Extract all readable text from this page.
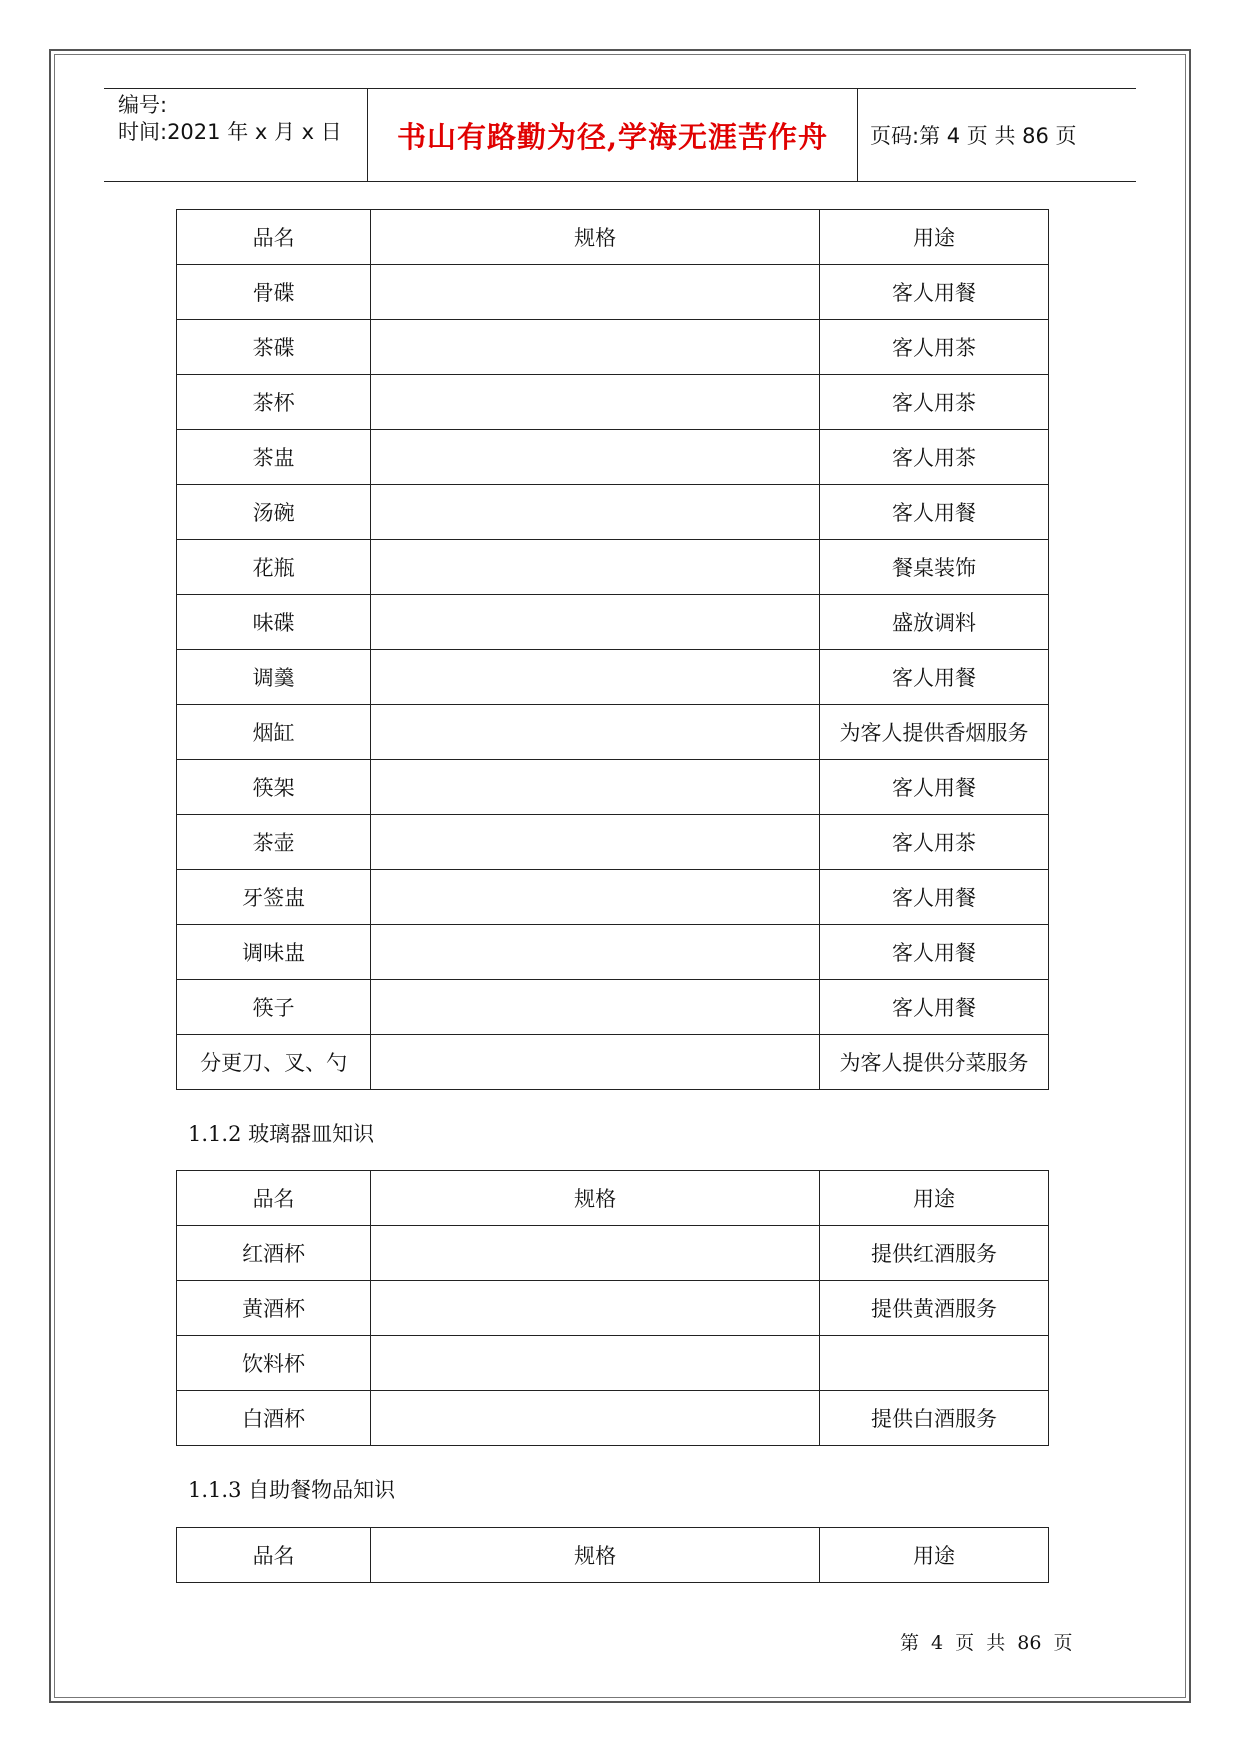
编号:
时间:2021 年 x 月 x 日	书山有路勤为径,学海无涯苦作舟 页码:第 4 页 共 86 页
品名	规格	用途
骨碟		客人用餐
茶碟		客人用茶
茶杯		客人用茶
茶盅		客人用茶
汤碗		客人用餐
花瓶		餐桌装饰
味碟		盛放调料
调羹		客人用餐
烟缸		为客人提供香烟服务
筷架		客人用餐
茶壶		客人用茶
牙签盅		客人用餐
调味盅		客人用餐
筷子		客人用餐
分更刀、叉、勺		为客人提供分菜服务
1.1.2 玻璃器皿知识
品名	规格	用途
红酒杯		提供红酒服务
黄酒杯		提供黄酒服务
饮料杯		
白酒杯		提供白酒服务
1.1.3 自助餐物品知识
品名	规格	用途
第 4 页 共 86 页
